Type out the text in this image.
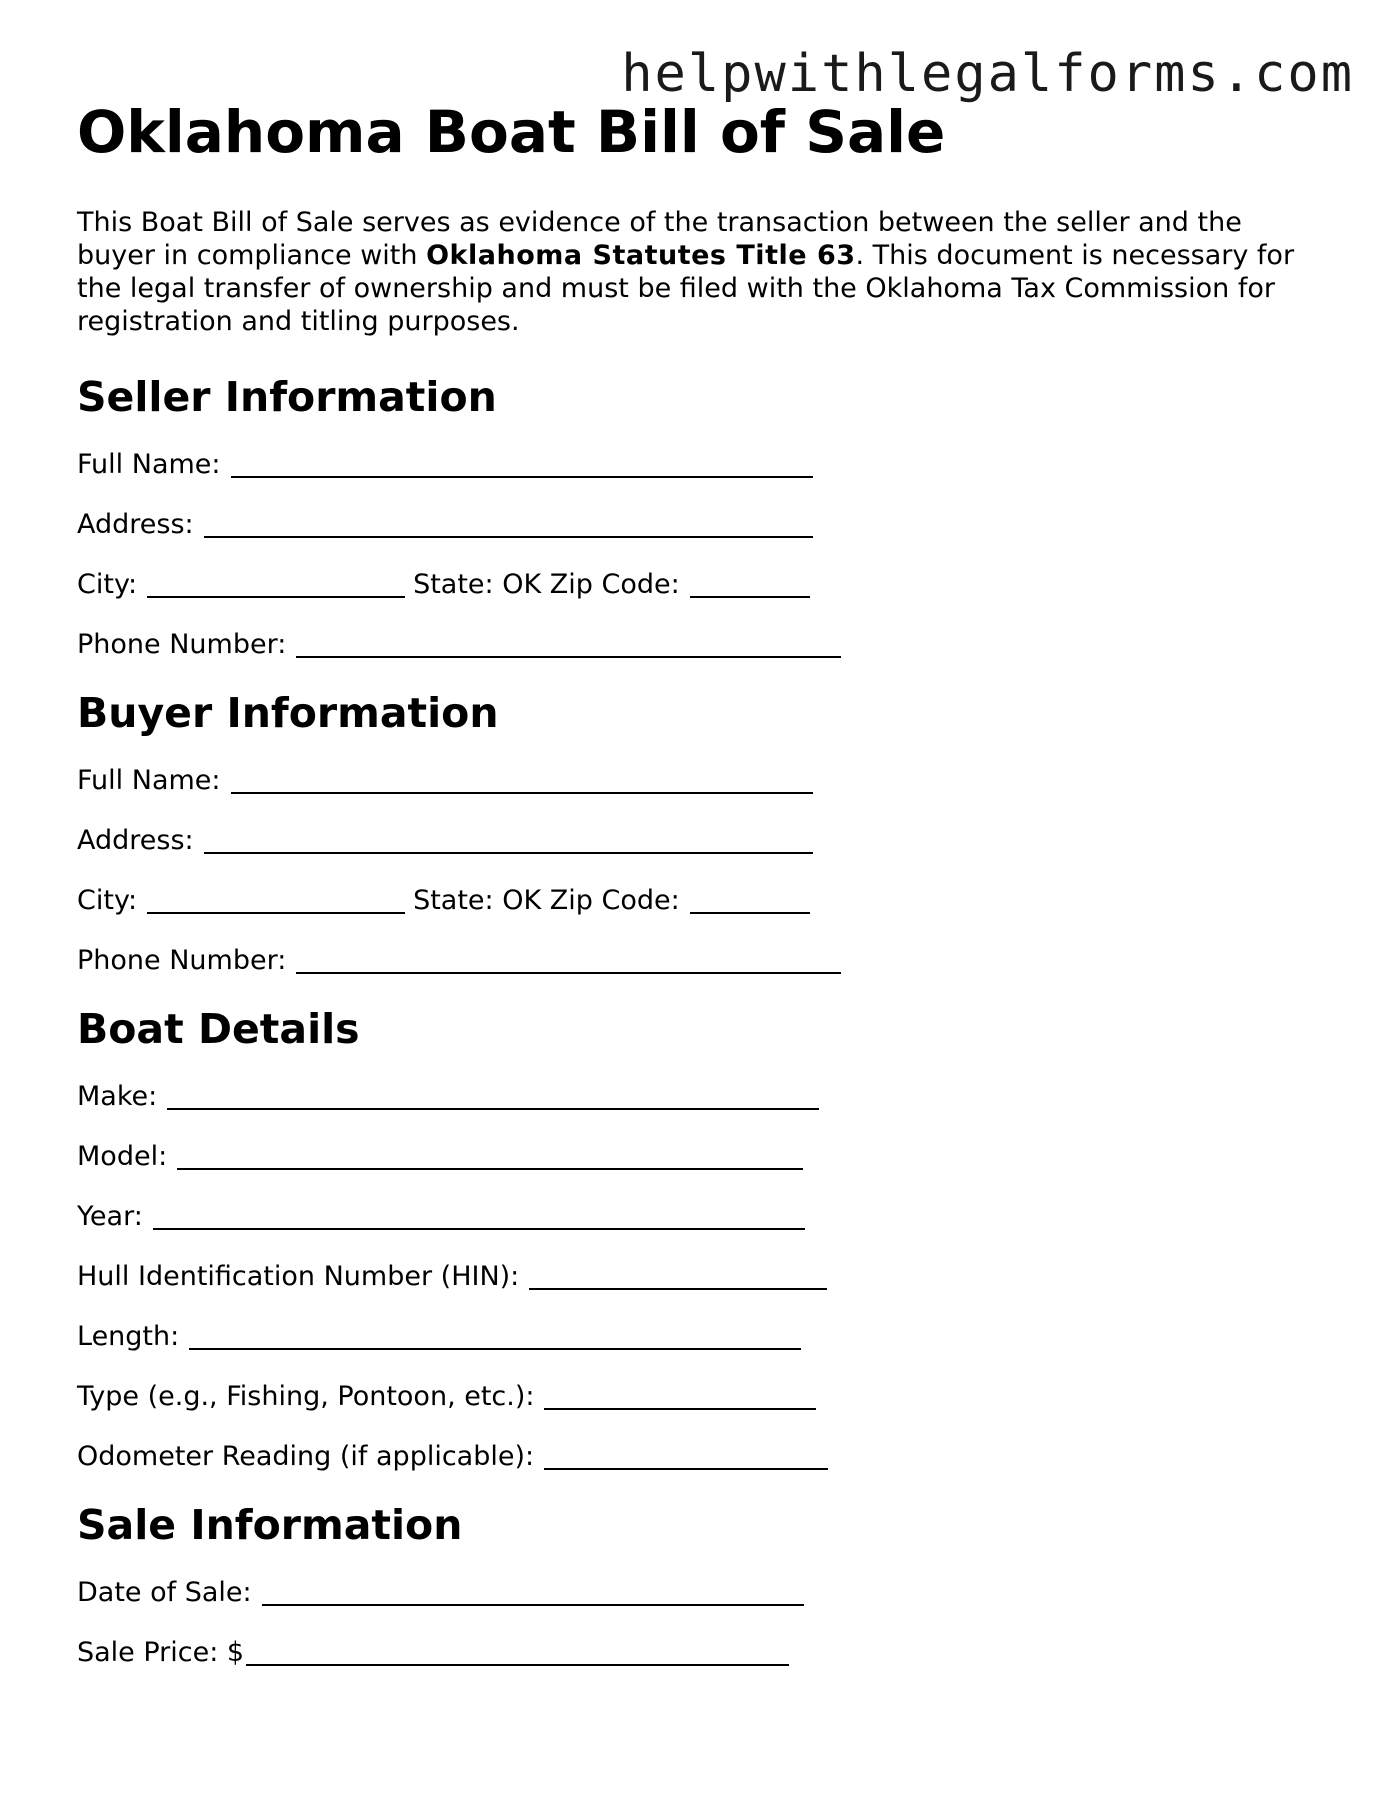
helpwithlegalforms.com
Oklahoma Boat Bill of Sale

This Boat Bill of Sale serves as evidence of the transaction between the seller and the buyer in compliance with Oklahoma Statutes Title 63. This document is necessary for the legal transfer of ownership and must be filed with the Oklahoma Tax Commission for registration and titling purposes.

Seller Information
Full Name:
Address:
City:	State: OK Zip Code:
Phone Number:
Buyer Information
Full Name:
Address:
City:	State: OK Zip Code:
Phone Number:
Boat Details
Make:
Model:
Year:
Hull Identification Number (HIN):
Length:
Type (e.g., Fishing, Pontoon, etc.):
Odometer Reading (if applicable):
Sale Information
Date of Sale:
Sale Price: $
